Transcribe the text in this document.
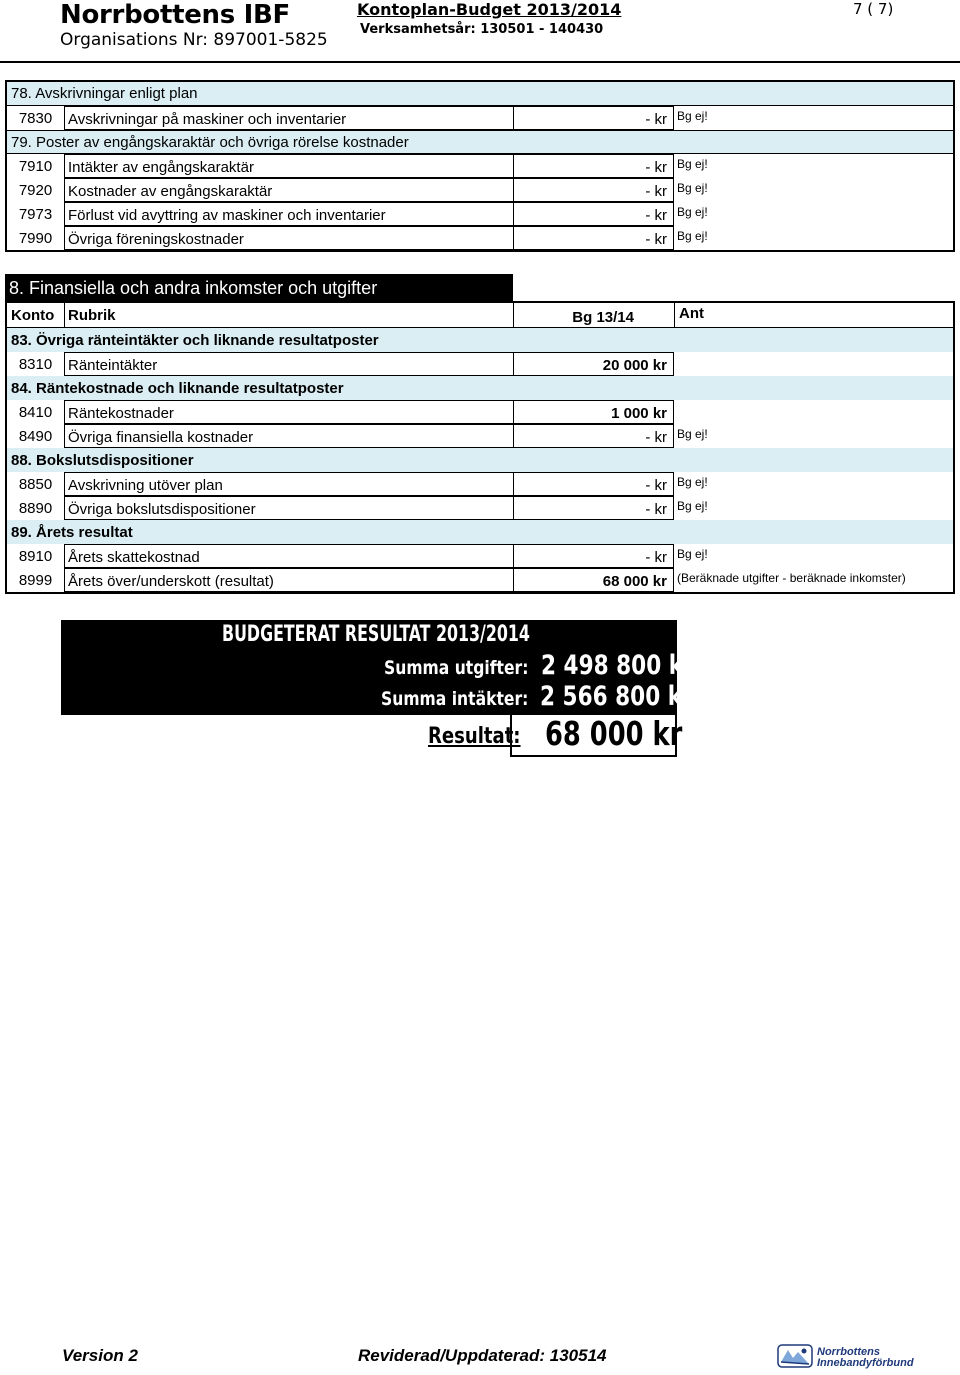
Norrbottens IBF
Organisations Nr: 897001-5825
Kontoplan-Budget 2013/2014
Verksamhetsår: 130501 - 140430
7 ( 7)
78. Avskrivningar enligt plan
7830	Avskrivningar på maskiner och inventarier	- kr Bg ej!
79. Poster av engångskaraktär och övriga rörelse kostnader
7910	Intäkter av engångskaraktär	- kr Bg ej!
7920	Kostnader av engångskaraktär	- kr Bg ej!
7973	Förlust vid avyttring av maskiner och inventarier	- kr Bg ej!
7990	Övriga föreningskostnader	- kr Bg ej!
8. Finansiella och andra inkomster och utgifter
Konto Rubrik	Bg 13/14	Ant
83. Övriga ränteintäkter och liknande resultatposter
8310	Ränteintäkter	20 000 kr
84. Räntekostnade och liknande resultatposter
8410	Räntekostnader	1 000 kr
8490	Övriga finansiella kostnader	- kr Bg ej!
88. Bokslutsdispositioner
8850	Avskrivning utöver plan	- kr Bg ej!
8890	Övriga bokslutsdispositioner	- kr Bg ej!
89. Årets resultat
8910	Årets skattekostnad	- kr Bg ej!
8999	Årets över/underskott (resultat)	68 000 kr (Beräknade utgifter - beräknade inkomster)
BUDGETERAT RESULTAT 2013/2014
Summa utgifter: 2 498 800 kr
Summa intäkter: 2 566 800 kr
Resultat: 68 000 kr
Version 2	Reviderad/Uppdaterad: 130514	Norrbottens
Innebandyförbund
